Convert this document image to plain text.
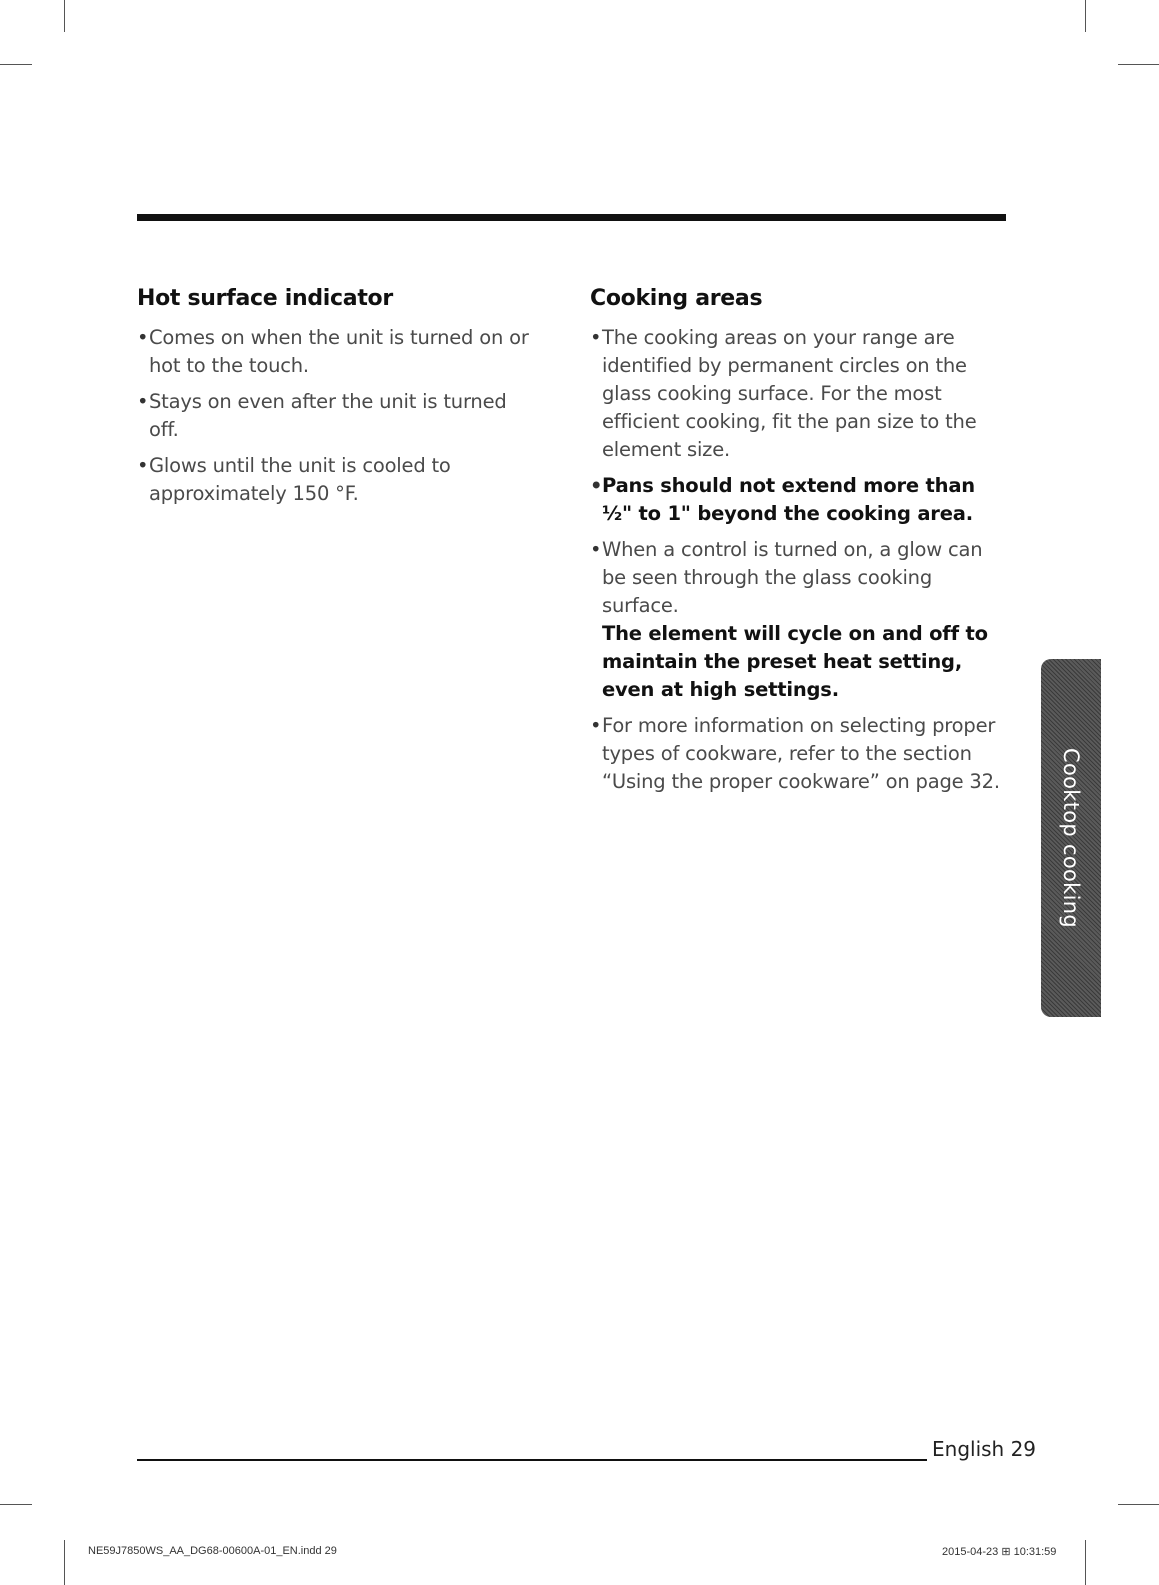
Hot surface indicator
• Comes on when the unit is turned on or hot to the touch.
• Stays on even after the unit is turned off.
• Glows until the unit is cooled to approximately 150 °F.
Cooking areas
• The cooking areas on your range are identified by permanent circles on the glass cooking surface. For the most efficient cooking, fit the pan size to the element size.
• Pans should not extend more than ½" to 1" beyond the cooking area.
• When a control is turned on, a glow can be seen through the glass cooking surface.
The element will cycle on and off to maintain the preset heat setting, even at high settings.
• For more information on selecting proper types of cookware, refer to the section “Using the proper cookware” on page 32.	Cooktop cooking
English 29
NE59J7850WS_AA_DG68-00600A-01_EN.indd 29	2015-04-23 ⊞ 10:31:59
